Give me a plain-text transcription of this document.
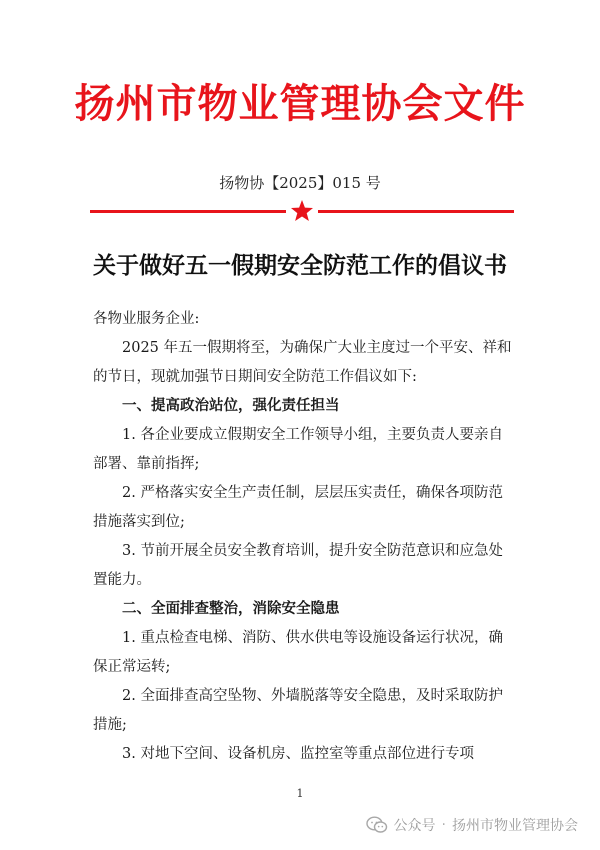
扬州市物业管理协会文件
扬物协【2025】015 号
关于做好五一假期安全防范工作的倡议书

各物业服务企业:

2025 年五一假期将至，为确保广大业主度过一个平安、祥和的节日，现就加强节日期间安全防范工作倡议如下:

一、提高政治站位，强化责任担当

1. 各企业要成立假期安全工作领导小组，主要负责人要亲自部署、靠前指挥;

2. 严格落实安全生产责任制，层层压实责任，确保各项防范措施落实到位;

3. 节前开展全员安全教育培训，提升安全防范意识和应急处置能力。

二、全面排查整治，消除安全隐患

1. 重点检查电梯、消防、供水供电等设施设备运行状况，确保正常运转;

2. 全面排查高空坠物、外墙脱落等安全隐患，及时采取防护措施;

3. 对地下空间、设备机房、监控室等重点部位进行专项

1
公众号 · 扬州市物业管理协会
